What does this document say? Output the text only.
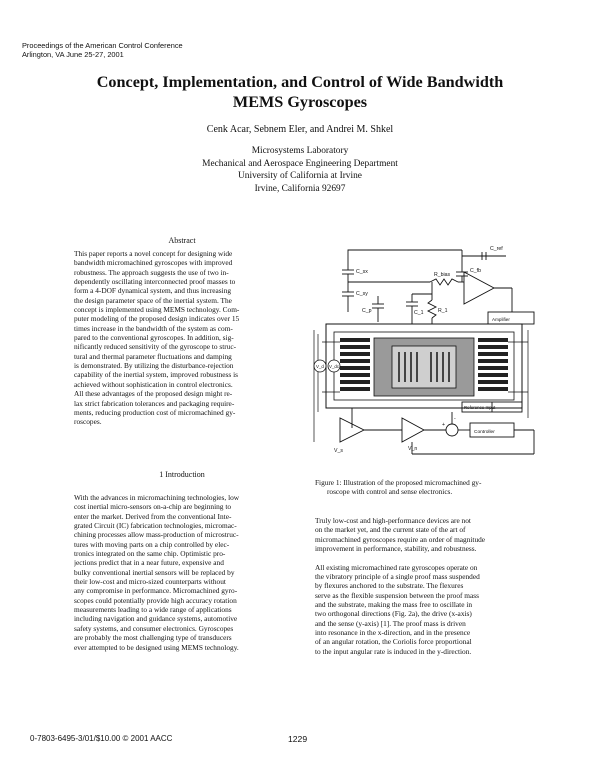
Proceedings of the American Control Conference
Arlington, VA June 25-27, 2001
Concept, Implementation, and Control of Wide Bandwidth
MEMS Gyroscopes
Cenk Acar, Sebnem Eler, and Andrei M. Shkel
Microsystems Laboratory
Mechanical and Aerospace Engineering Department
University of California at Irvine
Irvine, California 92697
Abstract
This paper reports a novel concept for designing wide
bandwidth micromachined gyroscopes with improved
robustness. The approach suggests the use of two in-
dependently oscillating interconnected proof masses to
form a 4-DOF dynamical system, and thus increasing
the design parameter space of the inertial system. The
concept is implemented using MEMS technology. Com-
puter modeling of the proposed design indicates over 15
times increase in the bandwidth of the system as com-
pared to the conventional gyroscopes. In addition, sig-
nificantly reduced sensitivity of the gyroscope to struc-
tural and thermal parameter fluctuations and damping
is demonstrated. By utilizing the disturbance-rejection
capability of the inertial system, improved robustness is
achieved without sophistication in control electronics.
All these advantages of the proposed design might re-
lax strict fabrication tolerances and packaging require-
ments, reducing production cost of micromachined gy-
roscopes.
1 Introduction
With the advances in micromachining technologies, low
cost inertial micro-sensors on-a-chip are beginning to
enter the market. Derived from the conventional Inte-
grated Circuit (IC) fabrication technologies, micromac-
chining processes allow mass-production of microstruc-
tures with moving parts on a chip controlled by elec-
tronics integrated on the same chip. Optimistic pro-
jections predict that in a near future, expensive and
bulky conventional inertial sensors will be replaced by
their low-cost and micro-sized counterparts without
any compromise in performance. Micromachined gyro-
scopes could potentially provide high accuracy rotation
measurements leading to a wide range of applications
including navigation and guidance systems, automotive
safety systems, and consumer electronics. Gyroscopes
are probably the most challenging type of transducers
ever attempted to be designed using MEMS technology.
C_ref
C_sx
C_sy
C_fb
R_bias
C_1	R_1
C_p
Amplifier
V_d V_dc
V_s	V_n
Reference Input
Controller
+
-
Figure 1: Illustration of the proposed micromachined gy-
roscope with control and sense electronics.
Truly low-cost and high-performance devices are not
on the market yet, and the current state of the art of
micromachined gyroscopes require an order of magnitude
improvement in performance, stability, and robustness.
All existing micromachined rate gyroscopes operate on
the vibratory principle of a single proof mass suspended
by flexures anchored to the substrate. The flexures
serve as the flexible suspension between the proof mass
and the substrate, making the mass free to oscillate in
two orthogonal directions (Fig. 2a), the drive (x-axis)
and the sense (y-axis) [1]. The proof mass is driven
into resonance in the x-direction, and in the presence
of an angular rotation, the Coriolis force proportional
to the input angular rate is induced in the y-direction.
0-7803-6495-3/01/$10.00 © 2001 AACC	1229
